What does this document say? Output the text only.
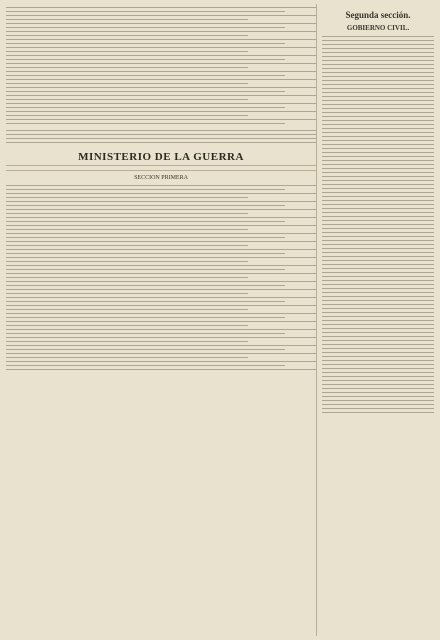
MINISTERIO DE LA GUERRA
SECCION PRIMERA
Segunda sección.
GOBIERNO CIVIL.
